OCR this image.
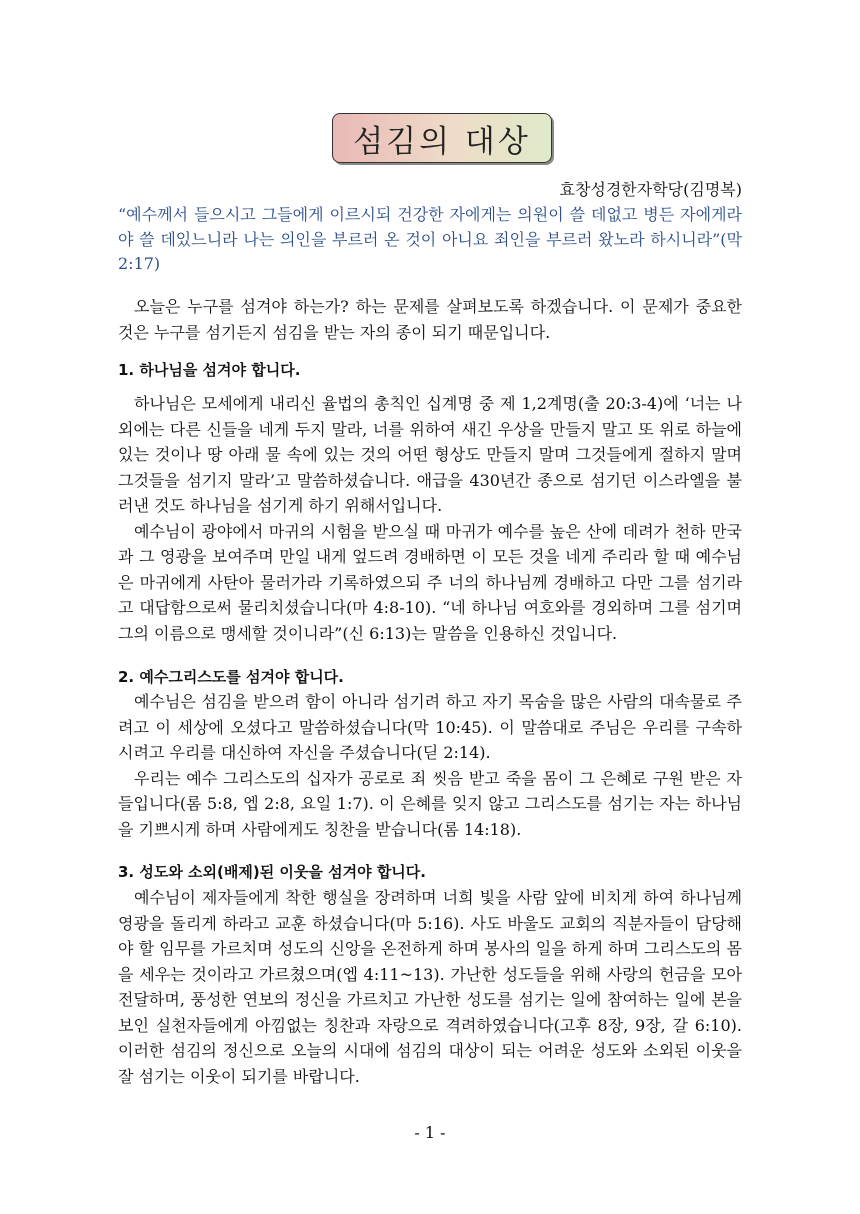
섬김의 대상
효창성경한자학당(김명복)
“예수께서 들으시고 그들에게 이르시되 건강한 자에게는 의원이 쓸 데없고 병든 자에게라야 쓸 데있느니라 나는 의인을 부르러 온 것이 아니요 죄인을 부르러 왔노라 하시니라”(막 2:17)

오늘은 누구를 섬겨야 하는가? 하는 문제를 살펴보도록 하겠습니다. 이 문제가 중요한 것은 누구를 섬기든지 섬김을 받는 자의 종이 되기 때문입니다.

1. 하나님을 섬겨야 합니다.

하나님은 모세에게 내리신 율법의 총칙인 십계명 중 제 1,2계명(출 20:3-4)에 ‘너는 나 외에는 다른 신들을 네게 두지 말라, 너를 위하여 새긴 우상을 만들지 말고 또 위로 하늘에 있는 것이나 땅 아래 물 속에 있는 것의 어떤 형상도 만들지 말며 그것들에게 절하지 말며 그것들을 섬기지 말라’고 말씀하셨습니다. 애급을 430년간 종으로 섬기던 이스라엘을 불러낸 것도 하나님을 섬기게 하기 위해서입니다.

예수님이 광야에서 마귀의 시험을 받으실 때 마귀가 예수를 높은 산에 데려가 천하 만국과 그 영광을 보여주며 만일 내게 엎드려 경배하면 이 모든 것을 네게 주리라 할 때 예수님은 마귀에게 사탄아 물러가라 기록하였으되 주 너의 하나님께 경배하고 다만 그를 섬기라고 대답함으로써 물리치셨습니다(마 4:8-10). “네 하나님 여호와를 경외하며 그를 섬기며 그의 이름으로 맹세할 것이니라”(신 6:13)는 말씀을 인용하신 것입니다.

2. 예수그리스도를 섬겨야 합니다.

예수님은 섬김을 받으려 함이 아니라 섬기려 하고 자기 목숨을 많은 사람의 대속물로 주려고 이 세상에 오셨다고 말씀하셨습니다(막 10:45). 이 말씀대로 주님은 우리를 구속하시려고 우리를 대신하여 자신을 주셨습니다(딛 2:14).

우리는 예수 그리스도의 십자가 공로로 죄 씻음 받고 죽을 몸이 그 은혜로 구원 받은 자들입니다(롬 5:8, 엡 2:8, 요일 1:7). 이 은혜를 잊지 않고 그리스도를 섬기는 자는 하나님을 기쁘시게 하며 사람에게도 칭찬을 받습니다(롬 14:18).

3. 성도와 소외(배제)된 이웃을 섬겨야 합니다.

예수님이 제자들에게 착한 행실을 장려하며 너희 빛을 사람 앞에 비치게 하여 하나님께 영광을 돌리게 하라고 교훈 하셨습니다(마 5:16). 사도 바울도 교회의 직분자들이 담당해야 할 임무를 가르치며 성도의 신앙을 온전하게 하며 봉사의 일을 하게 하며 그리스도의 몸을 세우는 것이라고 가르쳤으며(엡 4:11~13). 가난한 성도들을 위해 사랑의 헌금을 모아 전달하며, 풍성한 연보의 정신을 가르치고 가난한 성도를 섬기는 일에 참여하는 일에 본을 보인 실천자들에게 아낌없는 칭찬과 자랑으로 격려하였습니다(고후 8장, 9장, 갈 6:10). 이러한 섬김의 정신으로 오늘의 시대에 섬김의 대상이 되는 어려운 성도와 소외된 이웃을 잘 섬기는 이웃이 되기를 바랍니다.

- 1 -
